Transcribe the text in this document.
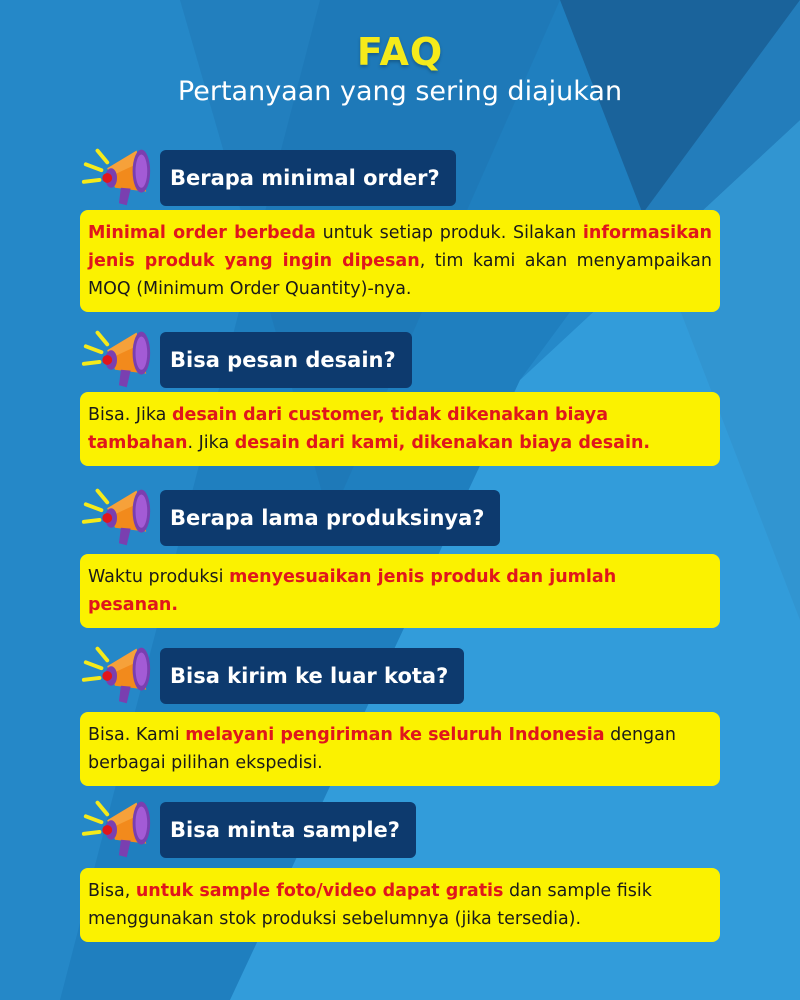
FAQ
Pertanyaan yang sering diajukan
Berapa minimal order?
Minimal order berbeda untuk setiap produk. Silakan informasikan jenis produk yang ingin dipesan, tim kami akan menyampaikan MOQ (Minimum Order Quantity)-nya.
Bisa pesan desain?
Bisa. Jika desain dari customer, tidak dikenakan biaya tambahan. Jika desain dari kami, dikenakan biaya desain.
Berapa lama produksinya?
Waktu produksi menyesuaikan jenis produk dan jumlah pesanan.
Bisa kirim ke luar kota?
Bisa. Kami melayani pengiriman ke seluruh Indonesia dengan berbagai pilihan ekspedisi.
Bisa minta sample?
Bisa, untuk sample foto/video dapat gratis dan sample fisik menggunakan stok produksi sebelumnya (jika tersedia).
